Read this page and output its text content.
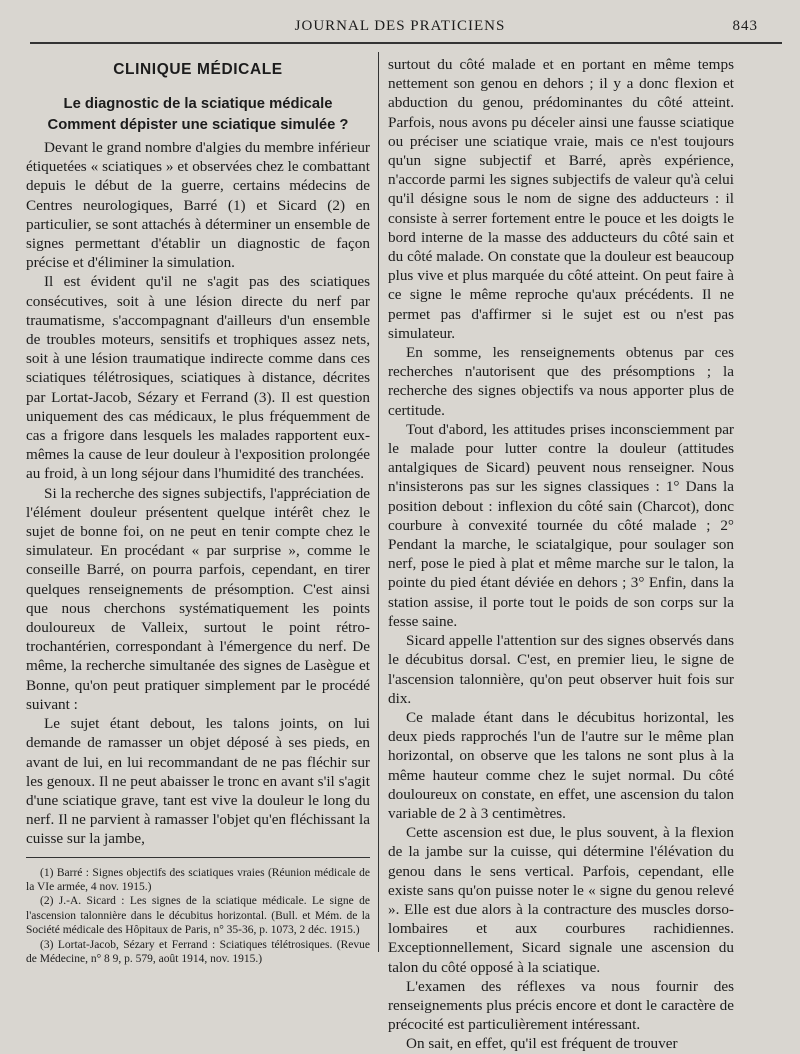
JOURNAL DES PRATICIENS	843
CLINIQUE MÉDICALE
Le diagnostic de la sciatique médicale
Comment dépister une sciatique simulée ?

Devant le grand nombre d'algies du membre inférieur étiquetées « sciatiques » et observées chez le combattant depuis le début de la guerre, certains médecins de Centres neurologiques, Barré (1) et Sicard (2) en particulier, se sont attachés à déterminer un ensemble de signes permettant d'établir un diagnostic de façon précise et d'éliminer la simulation.

Il est évident qu'il ne s'agit pas des sciatiques consécutives, soit à une lésion directe du nerf par traumatisme, s'accompagnant d'ailleurs d'un ensemble de troubles moteurs, sensitifs et trophiques assez nets, soit à une lésion traumatique indirecte comme dans ces sciatiques télétrosiques, sciatiques à distance, décrites par Lortat-Jacob, Sézary et Ferrand (3). Il est question uniquement des cas médicaux, le plus fréquemment de cas a frigore dans lesquels les malades rapportent eux-mêmes la cause de leur douleur à l'exposition prolongée au froid, à un long séjour dans l'humidité des tranchées.

Si la recherche des signes subjectifs, l'appréciation de l'élément douleur présentent quelque intérêt chez le sujet de bonne foi, on ne peut en tenir compte chez le simulateur. En procédant « par surprise », comme le conseille Barré, on pourra parfois, cependant, en tirer quelques renseignements de présomption. C'est ainsi que nous cherchons systématiquement les points douloureux de Valleix, surtout le point rétro-trochantérien, correspondant à l'émergence du nerf. De même, la recherche simultanée des signes de Lasègue et Bonne, qu'on peut pratiquer simplement par le procédé suivant :

Le sujet étant debout, les talons joints, on lui demande de ramasser un objet déposé à ses pieds, en avant de lui, en lui recommandant de ne pas fléchir sur les genoux. Il ne peut abaisser le tronc en avant s'il s'agit d'une sciatique grave, tant est vive la douleur le long du nerf. Il ne parvient à ramasser l'objet qu'en fléchissant la cuisse sur la jambe,

(1) Barré : Signes objectifs des sciatiques vraies (Réunion médicale de la VIe armée, 4 nov. 1915.)

(2) J.-A. Sicard : Les signes de la sciatique médicale. Le signe de l'ascension talonnière dans le décubitus horizontal. (Bull. et Mém. de la Société médicale des Hôpitaux de Paris, n° 35-36, p. 1073, 2 déc. 1915.)

(3) Lortat-Jacob, Sézary et Ferrand : Sciatiques télétrosiques. (Revue de Médecine, n° 8 9, p. 579, août 1914, nov. 1915.)

surtout du côté malade et en portant en même temps nettement son genou en dehors ; il y a donc flexion et abduction du genou, prédominantes du côté atteint. Parfois, nous avons pu déceler ainsi une fausse sciatique ou préciser une sciatique vraie, mais ce n'est toujours qu'un signe subjectif et Barré, après expérience, n'accorde parmi les signes subjectifs de valeur qu'à celui qu'il désigne sous le nom de signe des adducteurs : il consiste à serrer fortement entre le pouce et les doigts le bord interne de la masse des adducteurs du côté sain et du côté malade. On constate que la douleur est beaucoup plus vive et plus marquée du côté atteint. On peut faire à ce signe le même reproche qu'aux précédents. Il ne permet pas d'affirmer si le sujet est ou n'est pas simulateur.

En somme, les renseignements obtenus par ces recherches n'autorisent que des présomptions ; la recherche des signes objectifs va nous apporter plus de certitude.

Tout d'abord, les attitudes prises inconsciemment par le malade pour lutter contre la douleur (attitudes antalgiques de Sicard) peuvent nous renseigner. Nous n'insisterons pas sur les signes classiques : 1° Dans la position debout : inflexion du côté sain (Charcot), donc courbure à convexité tournée du côté malade ; 2° Pendant la marche, le sciatalgique, pour soulager son nerf, pose le pied à plat et même marche sur le talon, la pointe du pied étant déviée en dehors ; 3° Enfin, dans la station assise, il porte tout le poids de son corps sur la fesse saine.

Sicard appelle l'attention sur des signes observés dans le décubitus dorsal. C'est, en premier lieu, le signe de l'ascension talonnière, qu'on peut observer huit fois sur dix.

Ce malade étant dans le décubitus horizontal, les deux pieds rapprochés l'un de l'autre sur le même plan horizontal, on observe que les talons ne sont plus à la même hauteur comme chez le sujet normal. Du côté douloureux on constate, en effet, une ascension du talon variable de 2 à 3 centimètres.

Cette ascension est due, le plus souvent, à la flexion de la jambe sur la cuisse, qui détermine l'élévation du genou dans le sens vertical. Parfois, cependant, elle existe sans qu'on puisse noter le « signe du genou relevé ». Elle est due alors à la contracture des muscles dorso-lombaires et aux courbures rachidiennes. Exceptionnellement, Sicard signale une ascension du talon du côté opposé à la sciatique.

L'examen des réflexes va nous fournir des renseignements plus précis encore et dont le caractère de précocité est particulièrement intéressant.

On sait, en effet, qu'il est fréquent de trouver
